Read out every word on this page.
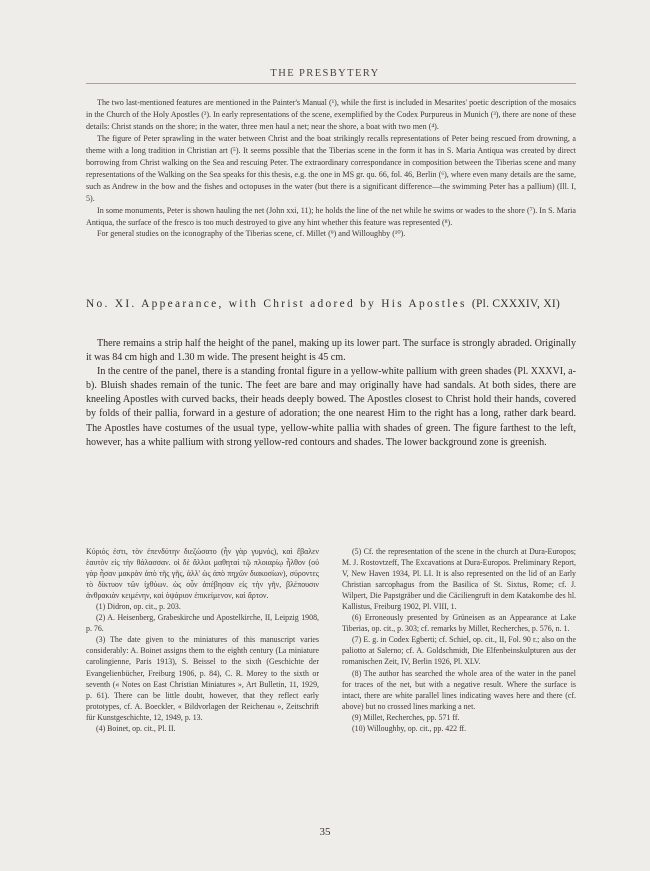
THE PRESBYTERY

The two last-mentioned features are mentioned in the Painter's Manual (¹), while the first is included in Mesarites' poetic description of the mosaics in the Church of the Holy Apostles (²). In early representations of the scene, exemplified by the Codex Purpureus in Munich (³), there are none of these details: Christ stands on the shore; in the water, three men haul a net; near the shore, a boat with two men (⁴).

The figure of Peter sprawling in the water between Christ and the boat strikingly recalls representations of Peter being rescued from drowning, a theme with a long tradition in Christian art (⁵). It seems possible that the Tiberias scene in the form it has in S. Maria Antiqua was created by direct borrowing from Christ walking on the Sea and rescuing Peter. The extraordinary correspondance in composition between the Tiberias scene and many representations of the Walking on the Sea speaks for this thesis, e.g. the one in MS gr. qu. 66, fol. 46, Berlin (⁶), where even many details are the same, such as Andrew in the bow and the fishes and octopuses in the water (but there is a significant difference—the swimming Peter has a pallium) (Ill. I, 5).

In some monuments, Peter is shown hauling the net (John xxi, 11); he holds the line of the net while he swims or wades to the shore (⁷). In S. Maria Antiqua, the surface of the fresco is too much destroyed to give any hint whether this feature was represented (⁸).

For general studies on the iconography of the Tiberias scene, cf. Millet (⁹) and Willoughby (¹⁰).

No. XI. Appearance, with Christ adored by His Apostles (Pl. CXXXIV, XI)

There remains a strip half the height of the panel, making up its lower part. The surface is strongly abraded. Originally it was 84 cm high and 1.30 m wide. The present height is 45 cm.

In the centre of the panel, there is a standing frontal figure in a yellow-white pallium with green shades (Pl. XXXVI, a-b). Bluish shades remain of the tunic. The feet are bare and may originally have had sandals. At both sides, there are kneeling Apostles with curved backs, their heads deeply bowed. The Apostles closest to Christ hold their hands, covered by folds of their pallia, forward in a gesture of adoration; the one nearest Him to the right has a long, rather dark beard. The Apostles have costumes of the usual type, yellow-white pallia with shades of green. The figure farthest to the left, however, has a white pallium with strong yellow-red contours and shades. The lower background zone is greenish.

Κύριός ἐστι, τὸν ἐπενδύτην διεζώσατο (ἦν γὰρ γυμνός), καὶ ἔβαλεν ἑαυτὸν εἰς τὴν θάλασσαν. οἱ δὲ ἄλλοι μαθηταὶ τῷ πλοιαρίῳ ἦλθον (οὐ γὰρ ἦσαν μακρὰν ἀπὸ τῆς γῆς, ἀλλ' ὡς ἀπὸ πηχῶν διακοσίων), σύροντες τὸ δίκτυον τῶν ἰχθύων. ὡς οὖν ἀπέβησαν εἰς τὴν γῆν, βλέπουσιν ἀνθρακιὰν κειμένην, καὶ ὀψάριον ἐπικείμενον, καὶ ἄρτον.

(1) Didron, op. cit., p. 203.

(2) A. Heisenberg, Grabeskirche und Apostelkirche, II, Leipzig 1908, p. 76.

(3) The date given to the miniatures of this manuscript varies considerably: A. Boinet assigns them to the eighth century (La miniature carolingienne, Paris 1913), S. Beissel to the sixth (Geschichte der Evangelienbücher, Freiburg 1906, p. 84), C. R. Morey to the sixth or seventh (« Notes on East Christian Miniatures », Art Bulletin, 11, 1929, p. 61). There can be little doubt, however, that they reflect early prototypes, cf. A. Boeckler, « Bildvorlagen der Reichenau », Zeitschrift für Kunstgeschichte, 12, 1949, p. 13.

(4) Boinet, op. cit., Pl. II.

(5) Cf. the representation of the scene in the church at Dura-Europos; M. J. Rostovtzeff, The Excavations at Dura-Europos. Preliminary Report, V, New Haven 1934, Pl. LI. It is also represented on the lid of an Early Christian sarcophagus from the Basilica of St. Sixtus, Rome; cf. J. Wilpert, Die Papstgräber und die Cäciliengruft in dem Katakombe des hl. Kallistus, Freiburg 1902, Pl. VIII, 1.

(6) Erroneously presented by Grüneisen as an Appearance at Lake Tiberias, op. cit., p. 303; cf. remarks by Millet, Recherches, p. 576, n. 1.

(7) E. g. in Codex Egberti; cf. Schiel, op. cit., II, Fol. 90 r.; also on the paliotto at Salerno; cf. A. Goldschmidt, Die Elfenbeinskulpturen aus der romanischen Zeit, IV, Berlin 1926, Pl. XLV.

(8) The author has searched the whole area of the water in the panel for traces of the net, but with a negative result. Where the surface is intact, there are white parallel lines indicating waves here and there (cf. above) but no crossed lines marking a net.

(9) Millet, Recherches, pp. 571 ff.

(10) Willoughby, op. cit., pp. 422 ff.

35
